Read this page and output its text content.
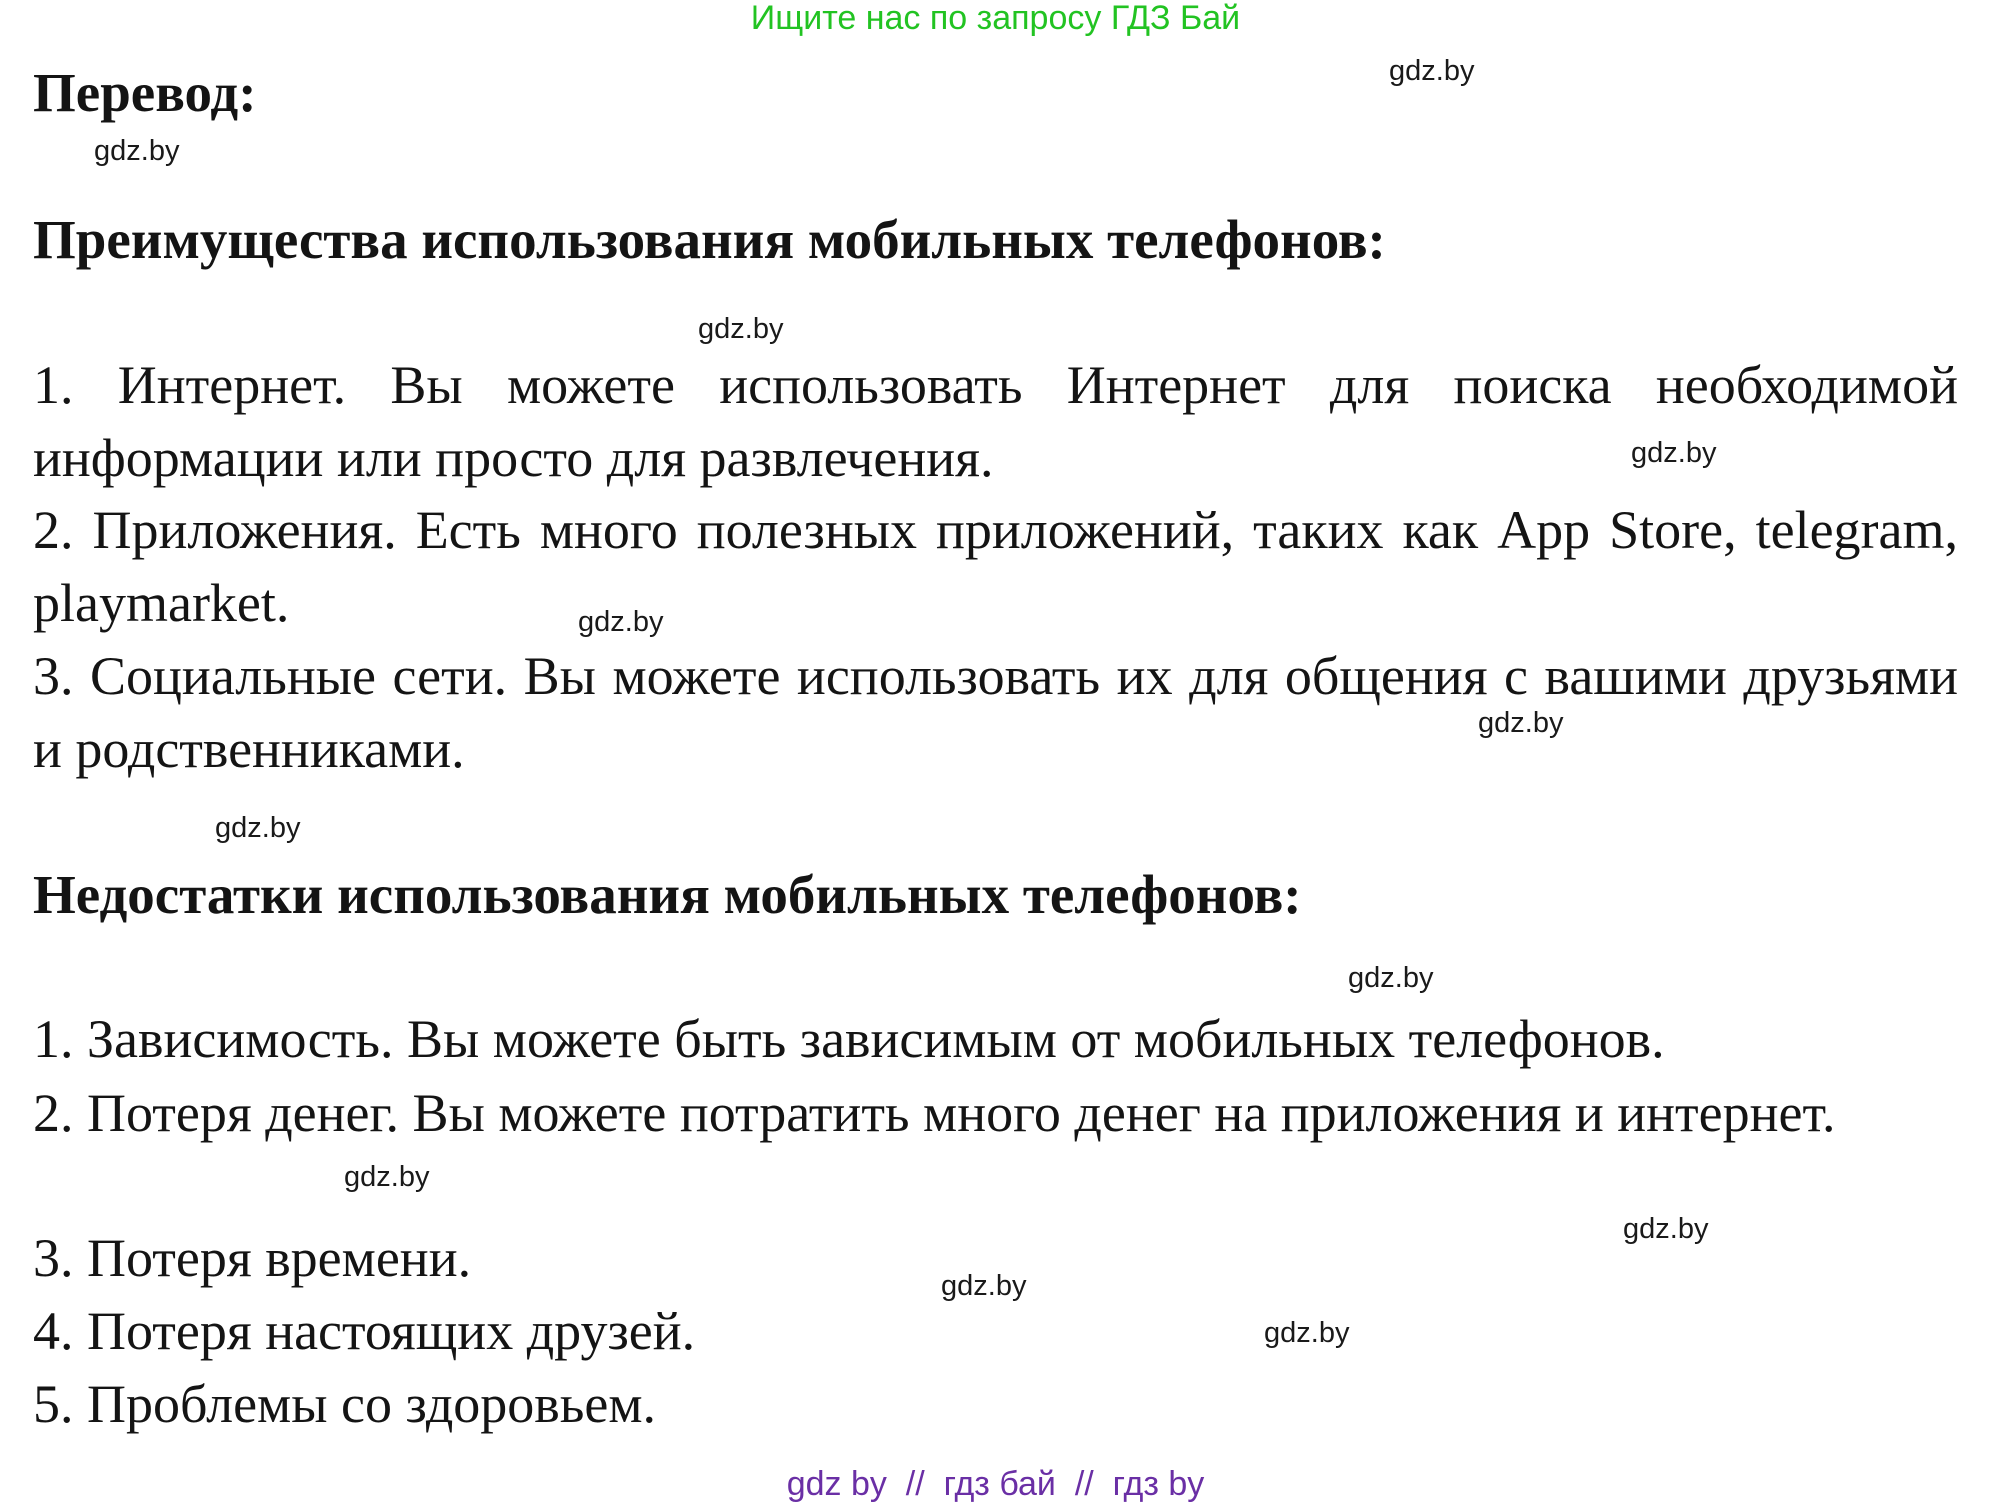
Ищите нас по запросу ГДЗ Бай
Перевод:
Преимущества использования мобильных телефонов:
1. Интернет. Вы можете использовать Интернет для поиска необходимой информации или просто для развлечения.
2. Приложения. Есть много полезных приложений, таких как App Store, telegram, playmarket.
3. Социальные сети. Вы можете использовать их для общения с вашими друзьями и родственниками.
Недостатки использования мобильных телефонов:
1. Зависимость. Вы можете быть зависимым от мобильных телефонов.
2. Потеря денег. Вы можете потратить много денег на приложения и интернет.
3. Потеря времени.
4. Потеря настоящих друзей.
5. Проблемы со здоровьем.
gdz.by
gdz.by
gdz.by
gdz.by
gdz.by
gdz.by
gdz.by
gdz.by
gdz.by
gdz.by
gdz.by
gdz.by
gdz by  //  гдз бай  //  гдз by
